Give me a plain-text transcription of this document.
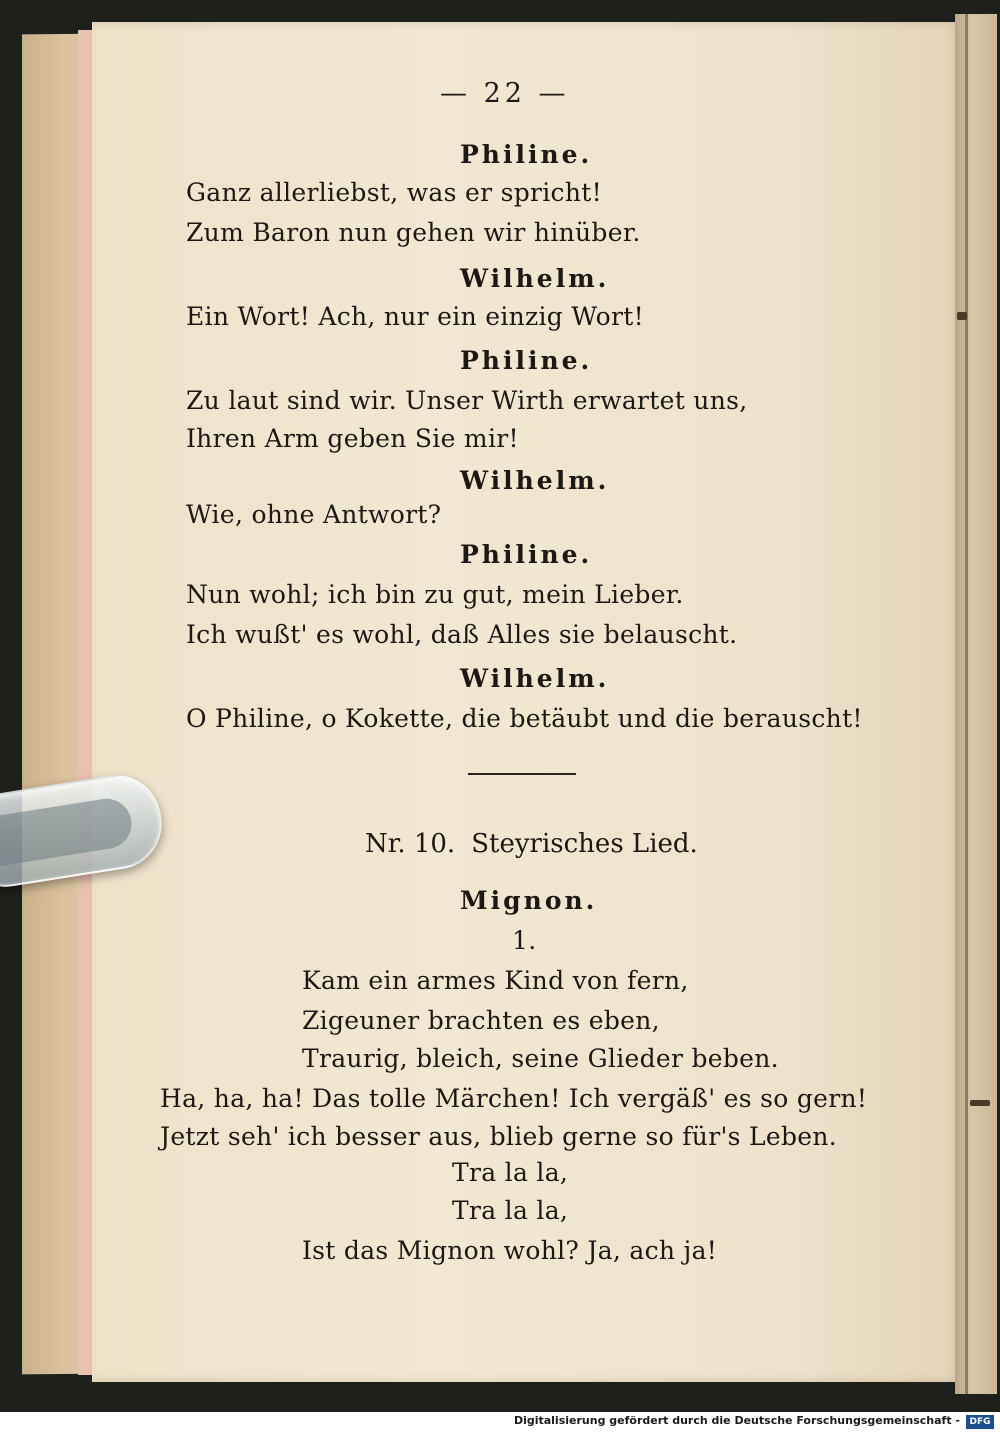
— 22 —
Philine.
Ganz allerliebst, was er spricht!
Zum Baron nun gehen wir hinüber.
Wilhelm.
Ein Wort! Ach, nur ein einzig Wort!
Philine.
Zu laut sind wir. Unser Wirth erwartet uns,
Ihren Arm geben Sie mir!
Wilhelm.
Wie, ohne Antwort?
Philine.
Nun wohl; ich bin zu gut, mein Lieber.
Ich wußt' es wohl, daß Alles sie belauscht.
Wilhelm.
O Philine, o Kokette, die betäubt und die berauscht!
Nr. 10. Steyrisches Lied.
Mignon.
1.
Kam ein armes Kind von fern,
Zigeuner brachten es eben,
Traurig, bleich, seine Glieder beben.
Ha, ha, ha! Das tolle Märchen! Ich vergäß' es so gern!
Jetzt seh' ich besser aus, blieb gerne so für's Leben.
Tra la la,
Tra la la,
Ist das Mignon wohl? Ja, ach ja!
Digitalisierung gefördert durch die Deutsche Forschungsgemeinschaft -	DFG
